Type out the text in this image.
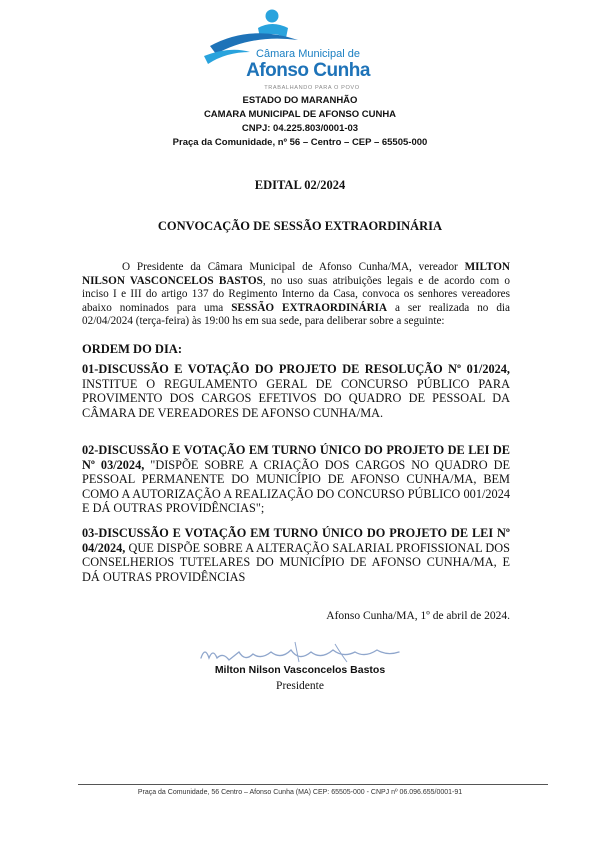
Câmara Municipal de
Afonso Cunha
TRABALHANDO PARA O POVO
ESTADO DO MARANHÃO
CAMARA MUNICIPAL DE AFONSO CUNHA
CNPJ: 04.225.803/0001-03
Praça da Comunidade, nº 56 – Centro – CEP – 65505-000
EDITAL 02/2024
CONVOCAÇÃO DE SESSÃO EXTRAORDINÁRIA
O Presidente da Câmara Municipal de Afonso Cunha/MA, vereador MILTON NILSON VASCONCELOS BASTOS, no uso suas atribuições legais e de acordo com o inciso I e III do artigo 137 do Regimento Interno da Casa, convoca os senhores vereadores abaixo nominados para uma SESSÃO EXTRAORDINÁRIA a ser realizada no dia 02/04/2024 (terça-feira) às 19:00 hs em sua sede, para deliberar sobre a seguinte:
ORDEM DO DIA:
01-DISCUSSÃO E VOTAÇÃO DO PROJETO DE RESOLUÇÃO Nº 01/2024, INSTITUE O REGULAMENTO GERAL DE CONCURSO PÚBLICO PARA PROVIMENTO DOS CARGOS EFETIVOS DO QUADRO DE PESSOAL DA CÂMARA DE VEREADORES DE AFONSO CUNHA/MA.
02-DISCUSSÃO E VOTAÇÃO EM TURNO ÚNICO DO PROJETO DE LEI DE Nº 03/2024, "DISPÕE SOBRE A CRIAÇÃO DOS CARGOS NO QUADRO DE PESSOAL PERMANENTE DO MUNICÍPIO DE AFONSO CUNHA/MA, BEM COMO A AUTORIZAÇÃO A REALIZAÇÃO DO CONCURSO PÚBLICO 001/2024 E DÁ OUTRAS PROVIDÊNCIAS";
03-DISCUSSÃO E VOTAÇÃO EM TURNO ÚNICO DO PROJETO DE LEI Nº 04/2024, QUE DISPÕE SOBRE A ALTERAÇÃO SALARIAL PROFISSIONAL DOS CONSELHERIOS TUTELARES DO MUNICÍPIO DE AFONSO CUNHA/MA, E DÁ OUTRAS PROVIDÊNCIAS
Afonso Cunha/MA, 1º de abril de 2024.
Milton Nilson Vasconcelos Bastos
Presidente
Praça da Comunidade, 56 Centro – Afonso Cunha (MA) CEP: 65505-000 - CNPJ nº 06.096.655/0001-91
